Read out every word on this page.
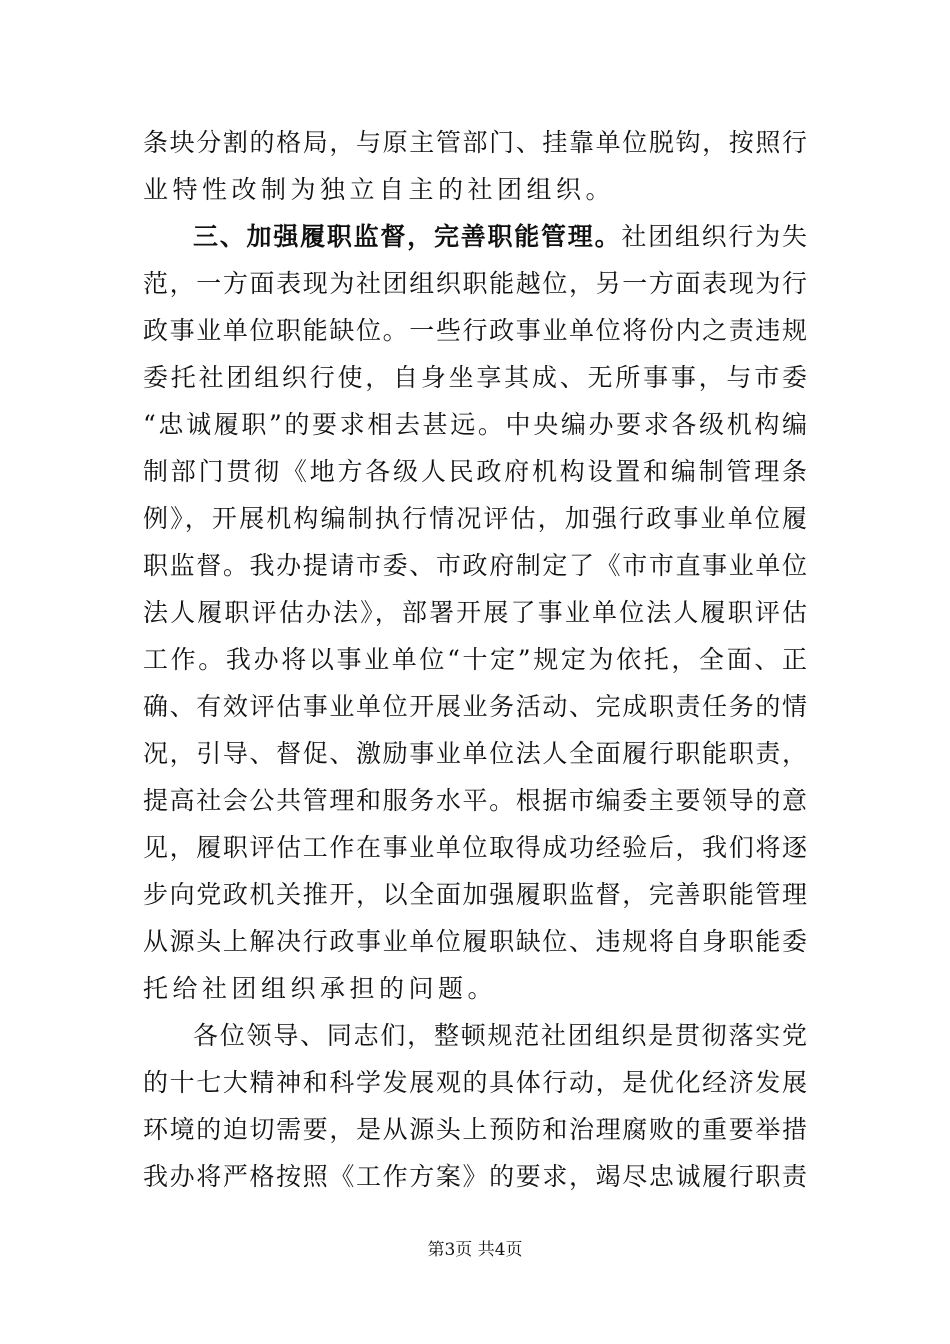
条块分割的格局，与原主管部门、挂靠单位脱钩，按照行
业特性改制为独立自主的社团组织。
三、加强履职监督，完善职能管理。社团组织行为失
范，一方面表现为社团组织职能越位，另一方面表现为行
政事业单位职能缺位。一些行政事业单位将份内之责违规
委托社团组织行使，自身坐享其成、无所事事，与市委
“忠诚履职”的要求相去甚远。中央编办要求各级机构编
制部门贯彻《地方各级人民政府机构设置和编制管理条
例》，开展机构编制执行情况评估，加强行政事业单位履
职监督。我办提请市委、市政府制定了《市市直事业单位
法人履职评估办法》，部署开展了事业单位法人履职评估
工作。我办将以事业单位“十定”规定为依托，全面、正
确、有效评估事业单位开展业务活动、完成职责任务的情
况，引导、督促、激励事业单位法人全面履行职能职责，
提高社会公共管理和服务水平。根据市编委主要领导的意
见，履职评估工作在事业单位取得成功经验后，我们将逐
步向党政机关推开，以全面加强履职监督，完善职能管理
从源头上解决行政事业单位履职缺位、违规将自身职能委
托给社团组织承担的问题。
各位领导、同志们，整顿规范社团组织是贯彻落实党
的十七大精神和科学发展观的具体行动，是优化经济发展
环境的迫切需要，是从源头上预防和治理腐败的重要举措
我办将严格按照《工作方案》的要求，竭尽忠诚履行职责
第3页 共4页
